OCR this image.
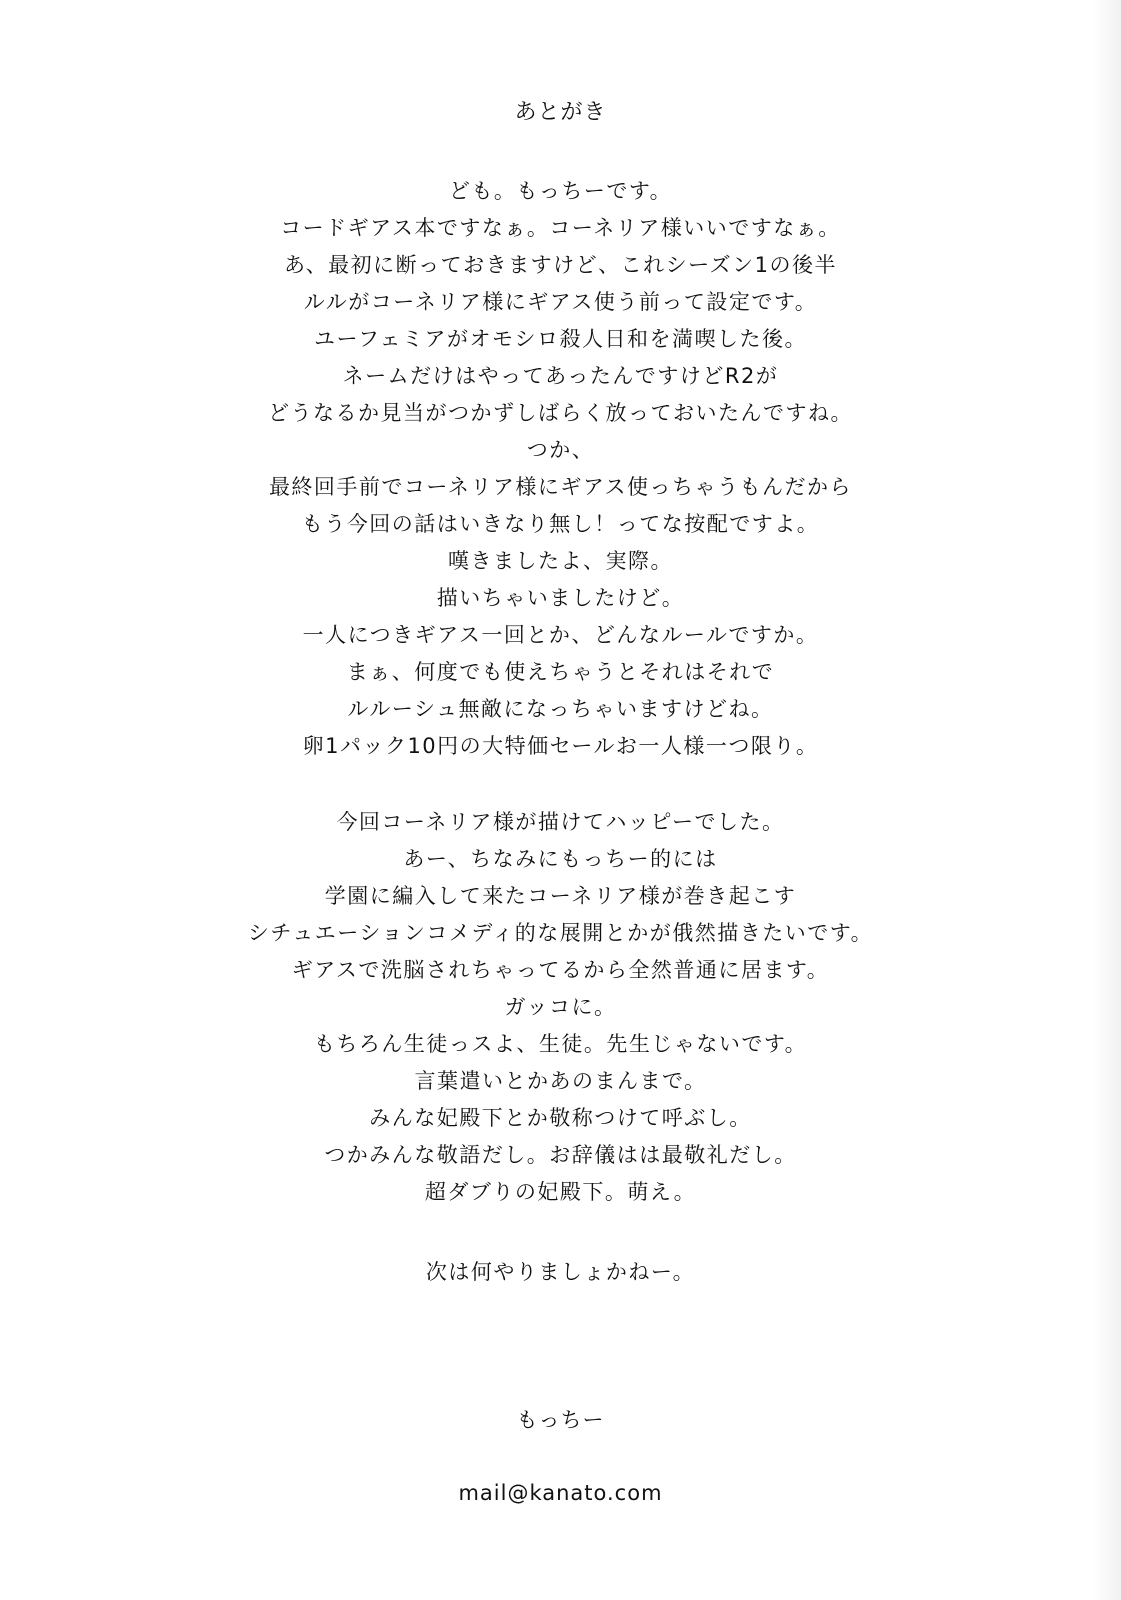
あとがき
ども。もっちーです。
コードギアス本ですなぁ。コーネリア様いいですなぁ。
あ、最初に断っておきますけど、これシーズン1の後半
ルルがコーネリア様にギアス使う前って設定です。
ユーフェミアがオモシロ殺人日和を満喫した後。
ネームだけはやってあったんですけどR2が
どうなるか見当がつかずしばらく放っておいたんですね。
つか、
最終回手前でコーネリア様にギアス使っちゃうもんだから
もう今回の話はいきなり無し！ってな按配ですよ。
嘆きましたよ、実際。
描いちゃいましたけど。
一人につきギアス一回とか、どんなルールですか。
まぁ、何度でも使えちゃうとそれはそれで
ルルーシュ無敵になっちゃいますけどね。
卵1パック10円の大特価セールお一人様一つ限り。
今回コーネリア様が描けてハッピーでした。
あー、ちなみにもっちー的には
学園に編入して来たコーネリア様が巻き起こす
シチュエーションコメディ的な展開とかが俄然描きたいです。
ギアスで洗脳されちゃってるから全然普通に居ます。
ガッコに。
もちろん生徒っスよ、生徒。先生じゃないです。
言葉遣いとかあのまんまで。
みんな妃殿下とか敬称つけて呼ぶし。
つかみんな敬語だし。お辞儀はは最敬礼だし。
超ダブりの妃殿下。萌え。
次は何やりましょかねー。
もっちー
mail@kanato.com
